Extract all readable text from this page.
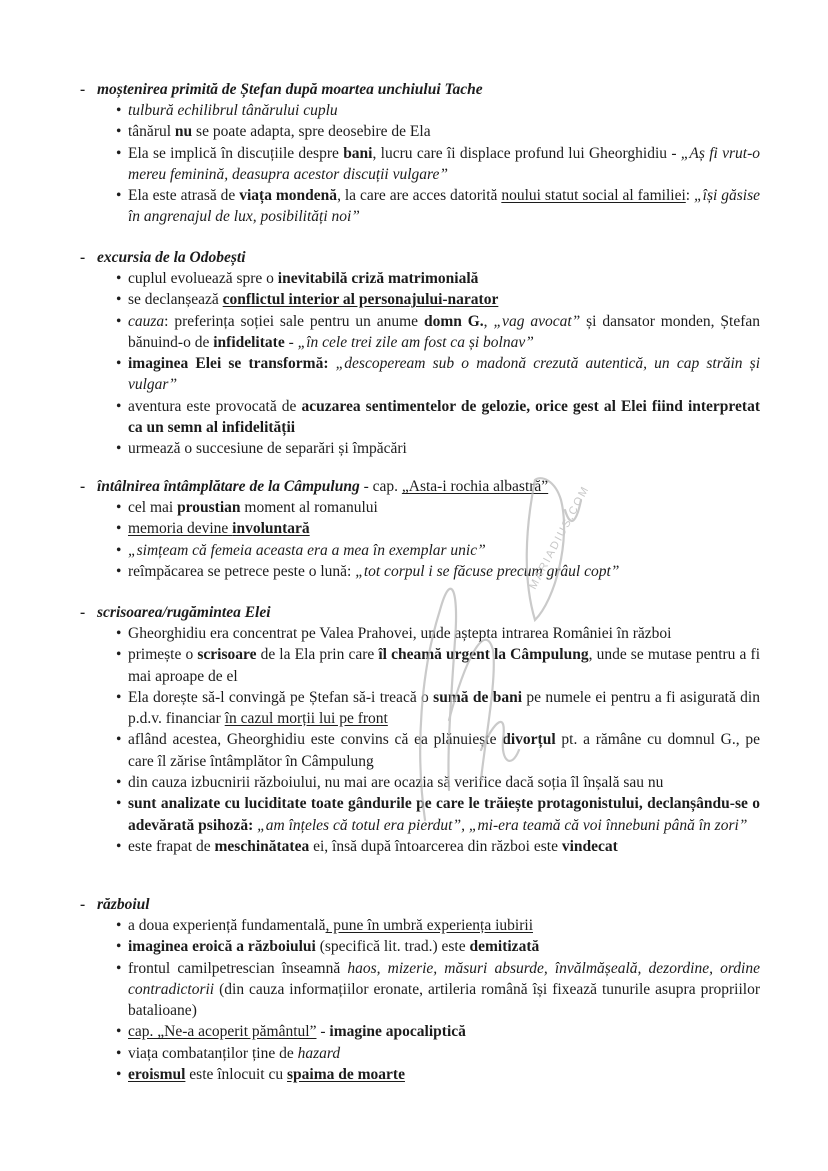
- moștenirea primită de Ștefan după moartea unchiului Tache
• tulbură echilibrul tânărului cuplu
• tânărul nu se poate adapta, spre deosebire de Ela
• Ela se implică în discuțiile despre bani, lucru care îi displace profund lui Gheorghidiu - „Aș fi vrut-o mereu feminină, deasupra acestor discuții vulgare”
• Ela este atrasă de viața mondenă, la care are acces datorită noului statut social al familiei: „își găsise în angrenajul de lux, posibilități noi”
- excursia de la Odobești
• cuplul evoluează spre o inevitabilă criză matrimonială
• se declanșează conflictul interior al personajului-narator
• cauza: preferința soției sale pentru un anume domn G., „vag avocat” și dansator monden, Ștefan bănuind-o de infidelitate - „în cele trei zile am fost ca și bolnav”
• imaginea Elei se transformă: „descopeream sub o madonă crezută autentică, un cap străin și vulgar”
• aventura este provocată de acuzarea sentimentelor de gelozie, orice gest al Elei fiind interpretat ca un semn al infidelității
• urmează o succesiune de separări și împăcări
- întâlnirea întâmplătare de la Câmpulung - cap. „Asta-i rochia albastră”
• cel mai proustian moment al romanului
• memoria devine involuntară
• „simțeam că femeia aceasta era a mea în exemplar unic”
• reîmpăcarea se petrece peste o lună: „tot corpul i se făcuse precum grâul copt”
- scrisoarea/rugămintea Elei
• Gheorghidiu era concentrat pe Valea Prahovei, unde aștepta intrarea României în război
• primește o scrisoare de la Ela prin care îl cheamă urgent la Câmpulung, unde se mutase pentru a fi mai aproape de el
• Ela dorește să-l convingă pe Ștefan să-i treacă o sumă de bani pe numele ei pentru a fi asigurată din p.d.v. financiar în cazul morții lui pe front
• aflând acestea, Gheorghidiu este convins că ea plănuiește divorțul pt. a rămâne cu domnul G., pe care îl zărise întâmplător în Câmpulung
• din cauza izbucnirii războiului, nu mai are ocazia să verifice dacă soția îl înșală sau nu
• sunt analizate cu luciditate toate gândurile pe care le trăiește protagonistului, declanșându-se o adevărată psihoză: „am înțeles că totul era pierdut”, „mi-era teamă că voi înnebuni până în zori”
• este frapat de meschinătatea ei, însă după întoarcerea din război este vindecat
- războiul
• a doua experiență fundamentală, pune în umbră experiența iubirii
• imaginea eroică a războiului (specifică lit. trad.) este demitizată
• frontul camilpetrescian înseamnă haos, mizerie, măsuri absurde, învălmășeală, dezordine, ordine contradictorii (din cauza informațiilor eronate, artileria română își fixează tunurile asupra propriilor batalioane)
• cap. „Ne-a acoperit pământul” - imagine apocaliptică
• viața combatanților ține de hazard
• eroismul este înlocuit cu spaima de moarte
MARIADIUS.COM
